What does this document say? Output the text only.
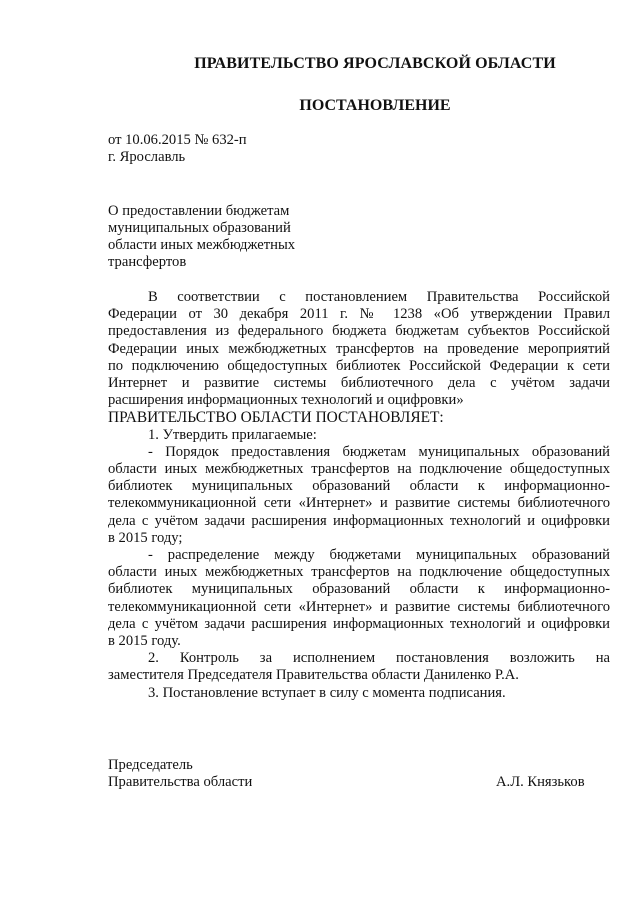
ПРАВИТЕЛЬСТВО ЯРОСЛАВСКОЙ ОБЛАСТИ
ПОСТАНОВЛЕНИЕ
от 10.06.2015 № 632-п
г. Ярославль
О предоставлении бюджетам
муниципальных образований
области иных межбюджетных
трансфертов
В соответствии с постановлением Правительства Российской
Федерации от 30 декабря 2011 г. № 1238 «Об утверждении Правил
предоставления из федерального бюджета бюджетам субъектов Российской
Федерации иных межбюджетных трансфертов на проведение мероприятий
по подключению общедоступных библиотек Российской Федерации к сети
Интернет и развитие системы библиотечного дела с учётом задачи
расширения информационных технологий и оцифровки»
ПРАВИТЕЛЬСТВО ОБЛАСТИ ПОСТАНОВЛЯЕТ:
1. Утвердить прилагаемые:
- Порядок предоставления бюджетам муниципальных образований
области иных межбюджетных трансфертов на подключение общедоступных
библиотек муниципальных образований области к информационно-
телекоммуникационной сети «Интернет» и развитие системы библиотечного
дела с учётом задачи расширения информационных технологий и оцифровки
в 2015 году;
- распределение между бюджетами муниципальных образований
области иных межбюджетных трансфертов на подключение общедоступных
библиотек муниципальных образований области к информационно-
телекоммуникационной сети «Интернет» и развитие системы библиотечного
дела с учётом задачи расширения информационных технологий и оцифровки
в 2015 году.
2. Контроль за исполнением постановления возложить на
заместителя Председателя Правительства области Даниленко Р.А.
3. Постановление вступает в силу с момента подписания.
Председатель
Правительства области	А.Л. Князьков
